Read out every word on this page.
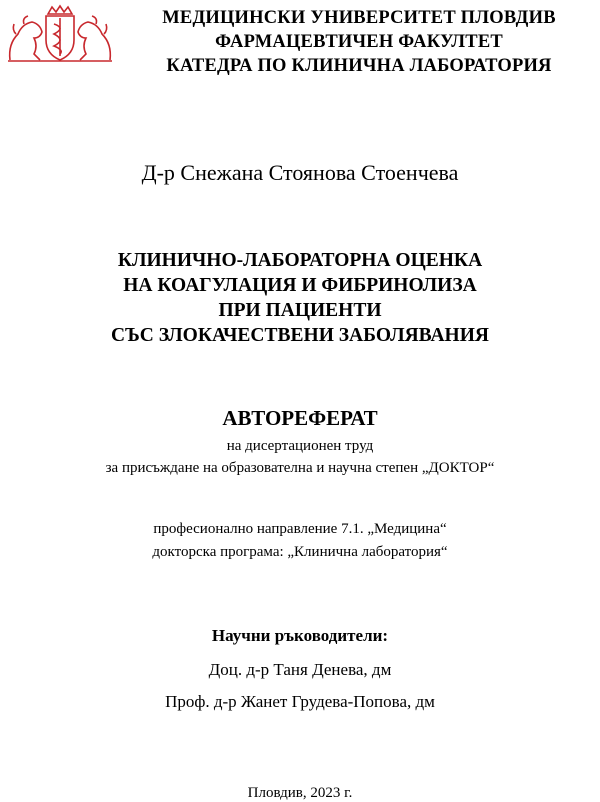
МЕДИЦИНСКИ УНИВЕРСИТЕТ ПЛОВДИВ
ФАРМАЦЕВТИЧЕН ФАКУЛТЕТ
КАТЕДРА ПО КЛИНИЧНА ЛАБОРАТОРИЯ
Д-р Снежана Стоянова Стоенчева
КЛИНИЧНО-ЛАБОРАТОРНА ОЦЕНКА
НА КОАГУЛАЦИЯ И ФИБРИНОЛИЗА
ПРИ ПАЦИЕНТИ
СЪС ЗЛОКАЧЕСТВЕНИ ЗАБОЛЯВАНИЯ
АВТОРЕФЕРАТ
на дисертационен труд
за присъждане на образователна и научна степен „ДОКТОР“
професионално направление 7.1. „Медицина“
докторска програма: „Клинична лаборатория“
Научни ръководители:
Доц. д-р Таня Денева, дм
Проф. д-р Жанет Грудева-Попова, дм
Пловдив, 2023 г.
